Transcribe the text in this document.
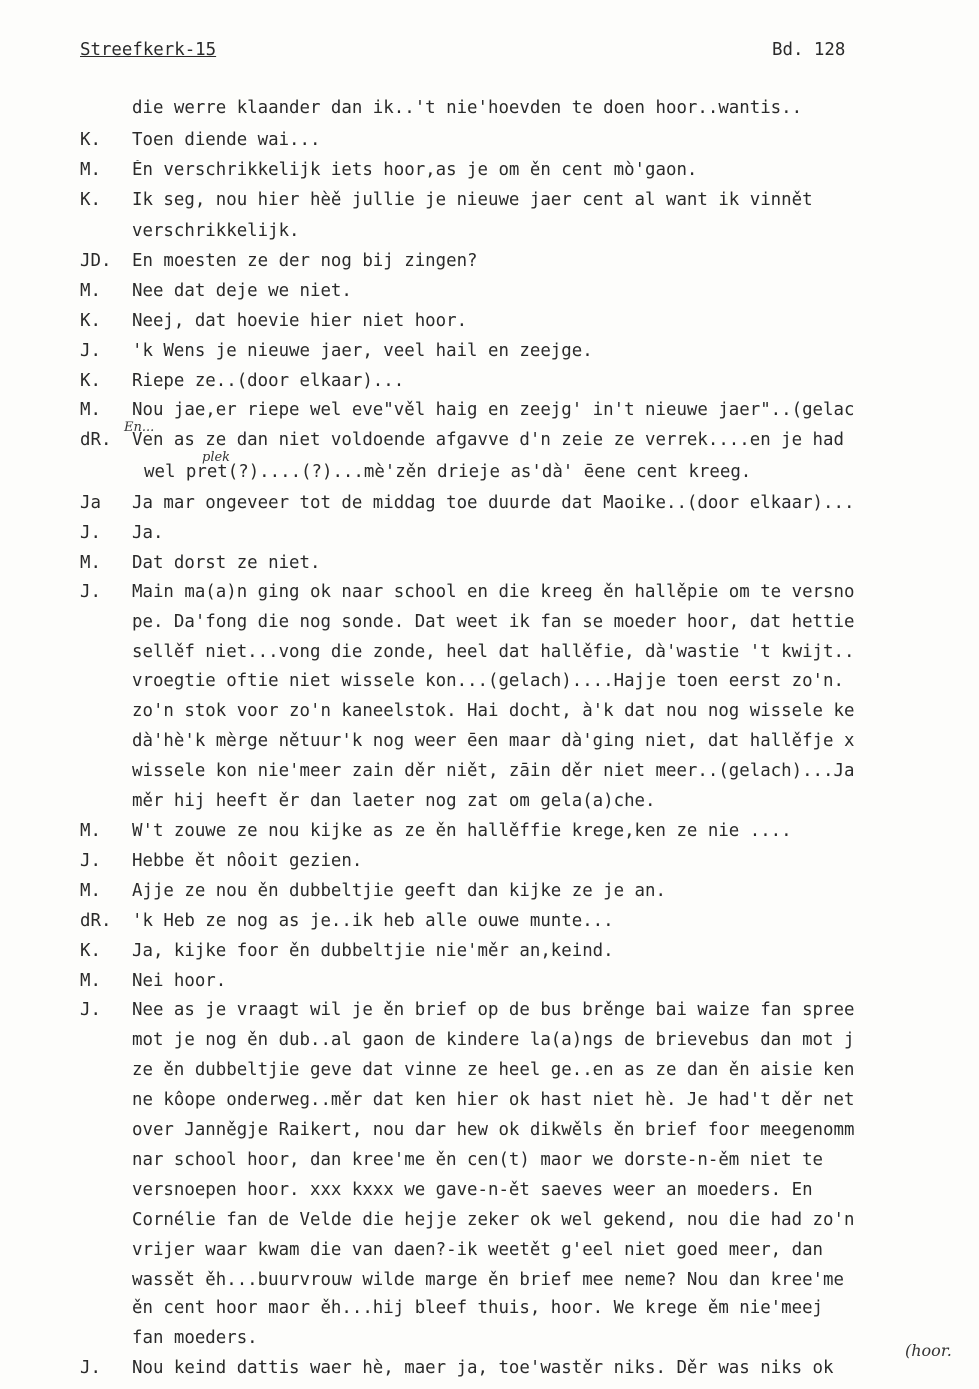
Streefkerk-15	Bd. 128
die werre klaander dan ik..'t nie'hoevden te doen hoor..wantis..
K. Toen diende wai...
M. Ěn verschrikkelijk iets hoor,as je om ěn cent mò'gaon.
K. Ik seg, nou hier hèě jullie je nieuwe jaer cent al want ik vinnět
verschrikkelijk.
JD. En moesten ze der nog bij zingen?
M. Nee dat deje we niet.
K. Neej, dat hoevie hier niet hoor.
J. 'k Wens je nieuwe jaer, veel hail en zeejge.
K. Riepe ze..(door elkaar)...
M. Nou jae,er riepe wel eve"věl haig en zeejg' in't nieuwe jaer"..(gelac
dR. Ven as ze dan niet voldoende afgavve d'n zeie ze verrek....en je had
wel pret(?)....(?)...mè'zěn drieje as'dà' ēene cent kreeg.
Ja Ja mar ongeveer tot de middag toe duurde dat Maoike..(door elkaar)...
J. Ja.
M. Dat dorst ze niet.
J. Main ma(a)n ging ok naar school en die kreeg ěn hallěpie om te versno
pe. Da'fong die nog sonde. Dat weet ik fan se moeder hoor, dat hettie
sellěf niet...vong die zonde, heel dat hallěfie, dà'wastie 't kwijt..
vroegtie oftie niet wissele kon...(gelach)....Hajje toen eerst zo'n.
zo'n stok voor zo'n kaneelstok. Hai docht, à'k dat nou nog wissele ke
dà'hè'k mèrge nětuur'k nog weer ēen maar dà'ging niet, dat hallěfje x
wissele kon nie'meer zain děr niět, zāin děr niet meer..(gelach)...Ja
měr hij heeft ěr dan laeter nog zat om gela(a)che.
M. W't zouwe ze nou kijke as ze ěn hallěffie krege,ken ze nie ....
J. Hebbe ět nôoit gezien.
M. Ajje ze nou ěn dubbeltjie geeft dan kijke ze je an.
dR. 'k Heb ze nog as je..ik heb alle ouwe munte...
K. Ja, kijke foor ěn dubbeltjie nie'měr an,keind.
M. Nei hoor.
J. Nee as je vraagt wil je ěn brief op de bus brěnge bai waize fan spree
mot je nog ěn dub..al gaon de kindere la(a)ngs de brievebus dan mot j
ze ěn dubbeltjie geve dat vinne ze heel ge..en as ze dan ěn aisie ken
ne kôope onderweg..měr dat ken hier ok hast niet hè. Je had't děr net
over Janněgje Raikert, nou dar hew ok dikwěls ěn brief foor meegenomm
nar school hoor, dan kree'me ěn cen(t) maor we dorste-n-ěm niet te
versnoepen hoor. xxx kxxx we gave-n-ět saeves weer an moeders. En
Cornélie fan de Velde die hejje zeker ok wel gekend, nou die had zo'n
vrijer waar kwam die van daen?-ik weetět g'eel niet goed meer, dan
wassět ěh...buurvrouw wilde marge ěn brief mee neme? Nou dan kree'me
ěn cent hoor maor ěh...hij bleef thuis, hoor. We krege ěm nie'meej
fan moeders.
J. Nou keind dattis waer hè, maer ja, toe'wastěr niks. Děr was niks ok
En...
plek
(hoor.
